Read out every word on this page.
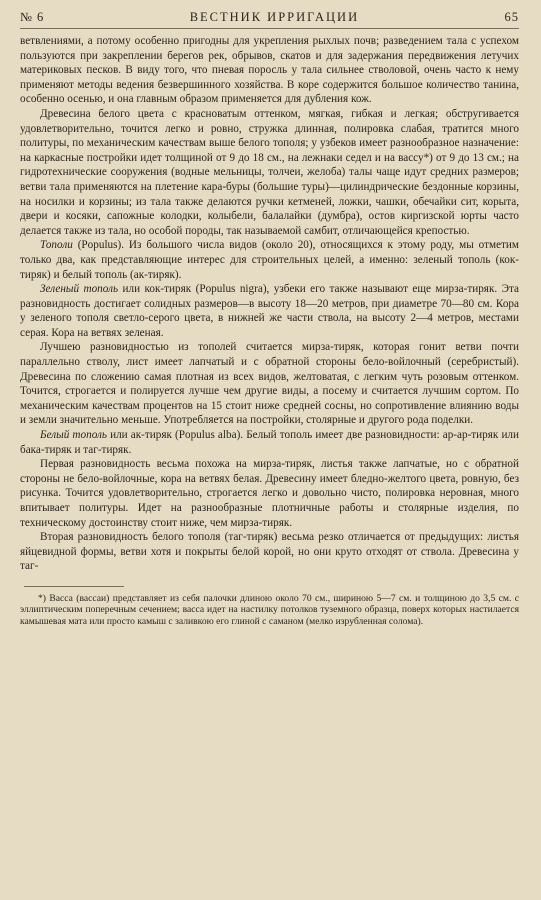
№ 6	ВЕСТНИК ИРРИГАЦИИ	65

ветвлениями, а потому особенно пригодны для укрепления рыхлых почв; разведением тала с успехом пользуются при закреплении берегов рек, обрывов, скатов и для задержания передвижения летучих материковых песков. В виду того, что пневая поросль у тала сильнее стволовой, очень часто к нему применяют методы ведения безвершинного хозяйства. В коре содержится большое количество танина, особенно осенью, и она главным образом применяется для дубления кож.

Древесина белого цвета с красноватым оттенком, мягкая, гибкая и легкая; обстругивается удовлетворительно, точится легко и ровно, стружка длинная, полировка слабая, тратится много политуры, по механическим качествам выше белого тополя; у узбеков имеет разнообразное назначение: на каркасные постройки идет толщиной от 9 до 18 см., на лежнаки седел и на вассу*) от 9 до 13 см.; на гидротехнические сооружения (водные мельницы, толчеи, желоба) талы чаще идут средних размеров; ветви тала применяются на плетение кара-буры (большие туры)—цилиндрические бездонные корзины, на носилки и корзины; из тала также делаются ручки кетменей, ложки, чашки, обечайки сит, корыта, двери и косяки, сапожные колодки, колыбели, балалайки (думбра), остов киргизской юрты часто делается также из тала, но особой породы, так называемой самбит, отличающейся крепостью.

Тополи (Populus). Из большого числа видов (около 20), относящихся к этому роду, мы отметим только два, как представляющие интерес для строительных целей, а именно: зеленый тополь (кок-тиряк) и белый тополь (ак-тиряк).

Зеленый тополь или кок-тиряк (Populus nigra), узбеки его также называют еще мирза-тиряк. Эта разновидность достигает солидных размеров—в высоту 18—20 метров, при диаметре 70—80 см. Кора у зеленого тополя светло-серого цвета, в нижней же части ствола, на высоту 2—4 метров, местами серая. Кора на ветвях зеленая.

Лучшею разновидностью из тополей считается мирза-тиряк, которая гонит ветви почти параллельно стволу, лист имеет лапчатый и с обратной стороны бело-войлочный (серебристый). Древесина по сложению самая плотная из всех видов, желтоватая, с легким чуть розовым оттенком. Точится, строгается и полируется лучше чем другие виды, а посему и считается лучшим сортом. По механическим качествам процентов на 15 стоит ниже средней сосны, но сопротивление влиянию воды и земли значительно меньше. Употребляется на постройки, столярные и другого рода поделки.

Белый тополь или ак-тиряк (Populus alba). Белый тополь имеет две разновидности: ар-ар-тиряк или бака-тиряк и таг-тиряк.

Первая разновидность весьма похожа на мирза-тиряк, листья также лапчатые, но с обратной стороны не бело-войлочные, кора на ветвях белая. Древесину имеет бледно-желтого цвета, ровную, без рисунка. Точится удовлетворительно, строгается легко и довольно чисто, полировка неровная, много впитывает политуры. Идет на разнообразные плотничные работы и столярные изделия, по техническому достоинству стоит ниже, чем мирза-тиряк.

Вторая разновидность белого тополя (таг-тиряк) весьма резко отличается от предыдущих: листья яйцевидной формы, ветви хотя и покрыты белой корой, но они круто отходят от ствола. Древесина у таг-

*) Васса (вассаи) представляет из себя палочки длиною около 70 см., шириною 5—7 см. и толщиною до 3,5 см. с эллиптическим поперечным сечением; васса идет на настилку потолков туземного образца, поверх которых настилается камышевая мата или просто камыш с заливкою его глиной с саманом (мелко изрубленная солома).
